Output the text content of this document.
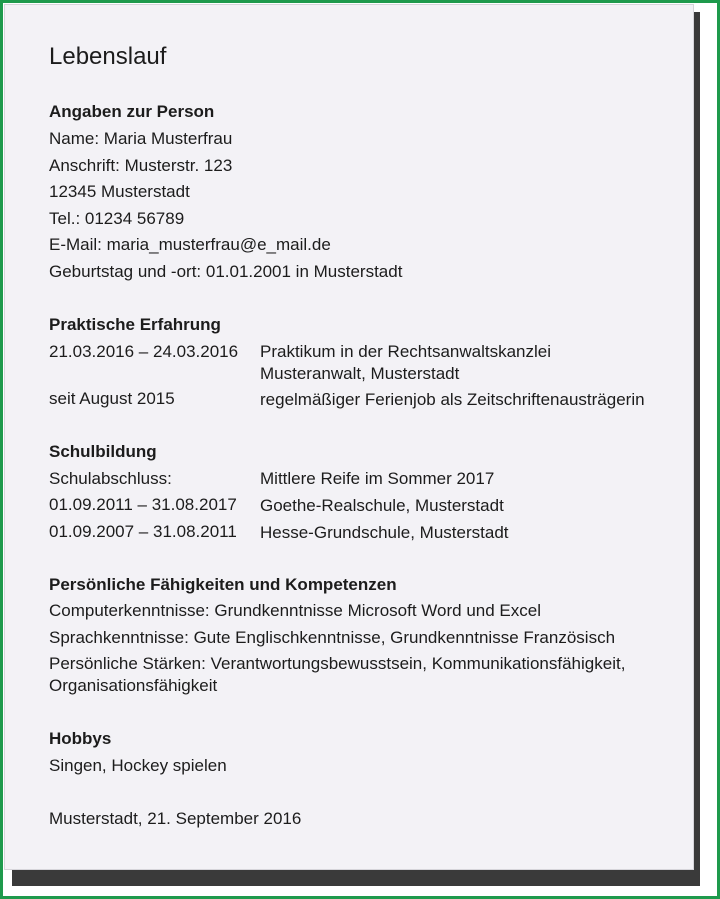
Lebenslauf
Angaben zur Person
Name: Maria Musterfrau
Anschrift: Musterstr. 123
12345 Musterstadt
Tel.: 01234 56789
E-Mail: maria_musterfrau@e_mail.de
Geburtstag und -ort: 01.01.2001 in Musterstadt
Praktische Erfahrung
21.03.2016 – 24.03.2016 Praktikum in der Rechtsanwaltskanzlei
Musteranwalt, Musterstadt
seit August 2015	regelmäßiger Ferienjob als Zeitschriftenausträgerin
Schulbildung
Schulabschluss:	Mittlere Reife im Sommer 2017
01.09.2011 – 31.08.2017 Goethe-Realschule, Musterstadt
01.09.2007 – 31.08.2011 Hesse-Grundschule, Musterstadt
Persönliche Fähigkeiten und Kompetenzen
Computerkenntnisse: Grundkenntnisse Microsoft Word und Excel
Sprachkenntnisse: Gute Englischkenntnisse, Grundkenntnisse Französisch
Persönliche Stärken: Verantwortungsbewusstsein, Kommunikationsfähigkeit,
Organisationsfähigkeit
Hobbys
Singen, Hockey spielen
Musterstadt, 21. September 2016
